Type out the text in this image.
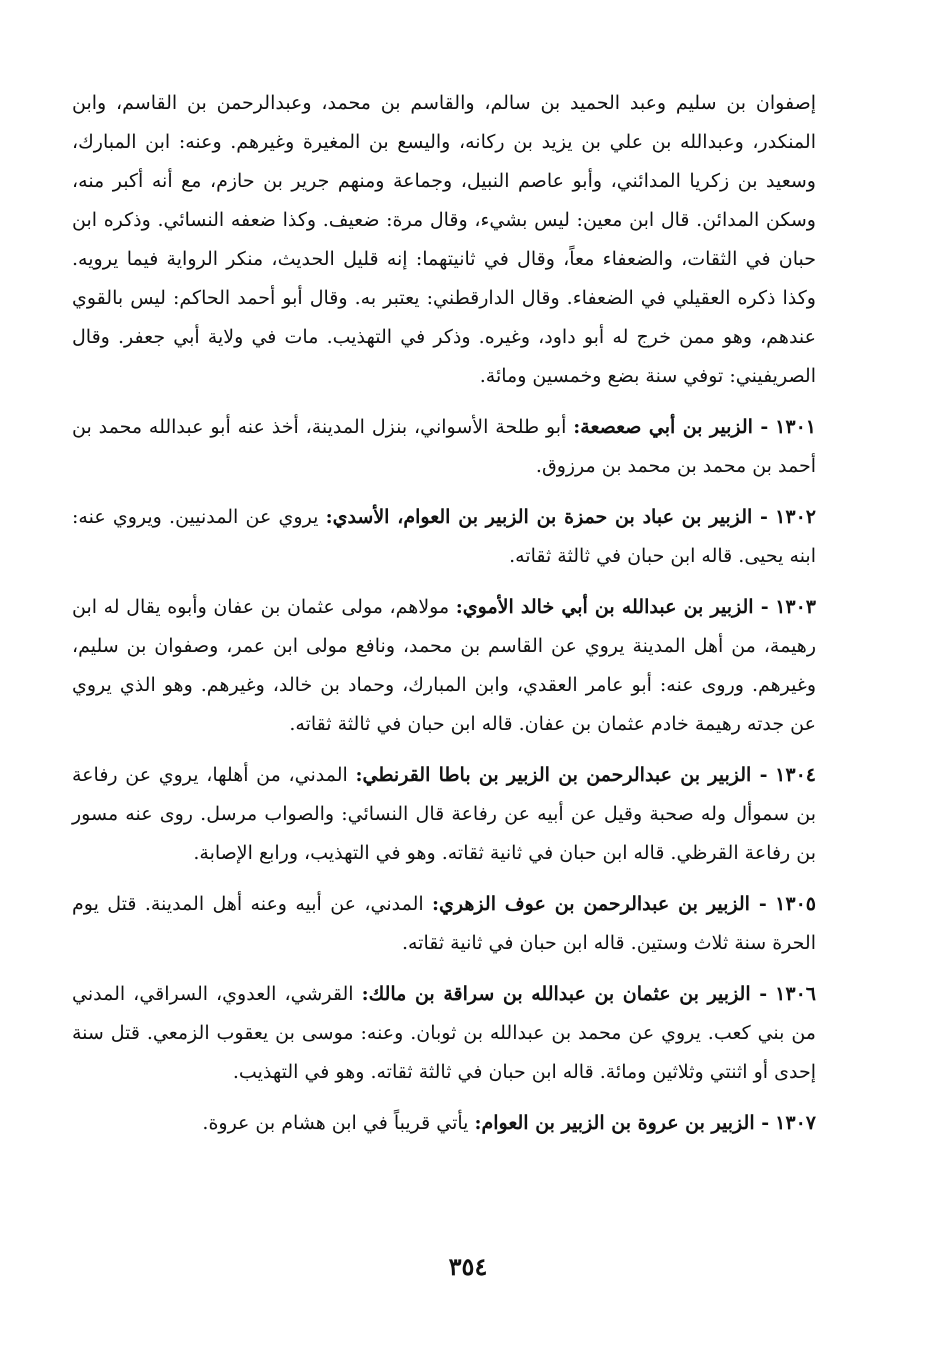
إصفوان بن سليم وعبد الحميد بن سالم، والقاسم بن محمد، وعبدالرحمن بن القاسم، وابن المنكدر، وعبدالله بن علي بن يزيد بن ركانه، واليسع بن المغيرة وغيرهم. وعنه: ابن المبارك، وسعيد بن زكريا المدائني، وأبو عاصم النبيل، وجماعة ومنهم جرير بن حازم، مع أنه أكبر منه، وسكن المدائن. قال ابن معين: ليس بشيء، وقال مرة: ضعيف. وكذا ضعفه النسائي. وذكره ابن حبان في الثقات، والضعفاء معاً، وقال في ثانيتهما: إنه قليل الحديث، منكر الرواية فيما يرويه. وكذا ذكره العقيلي في الضعفاء. وقال الدارقطني: يعتبر به. وقال أبو أحمد الحاكم: ليس بالقوي عندهم، وهو ممن خرج له أبو داود، وغيره. وذكر في التهذيب. مات في ولاية أبي جعفر. وقال الصريفيني: توفي سنة بضع وخمسين ومائة.

١٣٠١ - الزبير بن أبي صعصعة: أبو طلحة الأسواني، بنزل المدينة، أخذ عنه أبو عبدالله محمد بن أحمد بن محمد بن محمد بن مرزوق.

١٣٠٢ - الزبير بن عباد بن حمزة بن الزبير بن العوام، الأسدي: يروي عن المدنيين. ويروي عنه: ابنه يحيى. قاله ابن حبان في ثالثة ثقاته.

١٣٠٣ - الزبير بن عبدالله بن أبي خالد الأموي: مولاهم، مولى عثمان بن عفان وأبوه يقال له ابن رهيمة، من أهل المدينة يروي عن القاسم بن محمد، ونافع مولى ابن عمر، وصفوان بن سليم، وغيرهم. وروى عنه: أبو عامر العقدي، وابن المبارك، وحماد بن خالد، وغيرهم. وهو الذي يروي عن جدته رهيمة خادم عثمان بن عفان. قاله ابن حبان في ثالثة ثقاته.

١٣٠٤ - الزبير بن عبدالرحمن بن الزبير بن باطا القرنطي: المدني، من أهلها، يروي عن رفاعة بن سموأل وله صحبة وقيل عن أبيه عن رفاعة قال النسائي: والصواب مرسل. روى عنه مسور بن رفاعة القرظي. قاله ابن حبان في ثانية ثقاته. وهو في التهذيب، ورابع الإصابة.

١٣٠٥ - الزبير بن عبدالرحمن بن عوف الزهري: المدني، عن أبيه وعنه أهل المدينة. قتل يوم الحرة سنة ثلاث وستين. قاله ابن حبان في ثانية ثقاته.

١٣٠٦ - الزبير بن عثمان بن عبدالله بن سراقة بن مالك: القرشي، العدوي، السراقي، المدني من بني كعب. يروي عن محمد بن عبدالله بن ثوبان. وعنه: موسى بن يعقوب الزمعي. قتل سنة إحدى أو اثنتي وثلاثين ومائة. قاله ابن حبان في ثالثة ثقاته. وهو في التهذيب.

١٣٠٧ - الزبير بن عروة بن الزبير بن العوام: يأتي قريباً في ابن هشام بن عروة.

٣٥٤
